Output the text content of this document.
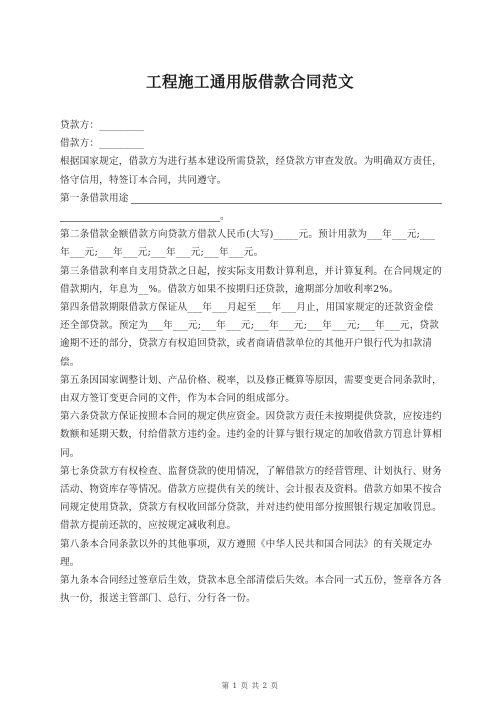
工程施工通用版借款合同范文

贷款方：_________

借款方：_________

根据国家规定，借款方为进行基本建设所需贷款，经贷款方审查发放。为明确双方责任，恪守信用，特签订本合同，共同遵守。

第一条借款用途
。

第二条借款金额借款方向贷款方借款人民币(大写)_____元。预计用款为___年___元;___年___元;___年___元;___年___元;___年___元。

第三条借款利率自支用贷款之日起，按实际支用数计算利息，并计算复利。在合同规定的借款期内，年息为__%。借款方如果不按期归还贷款，逾期部分加收利率2%。

第四条借款期限借款方保证从___年___月起至___年___月止，用国家规定的还款资金偿还全部贷款。预定为___年___元;___年___元;___年___元;___年___元;___年___元，贷款逾期不还的部分，贷款方有权追回贷款，或者商请借款单位的其他开户银行代为扣款清偿。

第五条因国家调整计划、产品价格、税率，以及修正概算等原因，需要变更合同条款时，由双方签订变更合同的文件，作为本合同的组成部分。

第六条贷款方保证按照本合同的规定供应资金。因贷款方责任未按期提供贷款，应按违约数额和延期天数，付给借款方违约金。违约金的计算与银行规定的加收借款方罚息计算相同。

第七条贷款方有权检查、监督贷款的使用情况，了解借款方的经营管理、计划执行、财务活动、物资库存等情况。借款方应提供有关的统计、会计报表及资料。借款方如果不按合同规定使用贷款，贷款方有权收回部分贷款，并对违约使用部分按照银行规定加收罚息。借款方提前还款的，应按规定减收利息。

第八条本合同条款以外的其他事项，双方遵照《中华人民共和国合同法》的有关规定办理。

第九条本合同经过签章后生效，贷款本息全部清偿后失效。本合同一式五份，签章各方各执一份，报送主管部门、总行、分行各一份。

第 1 页 共 2 页
